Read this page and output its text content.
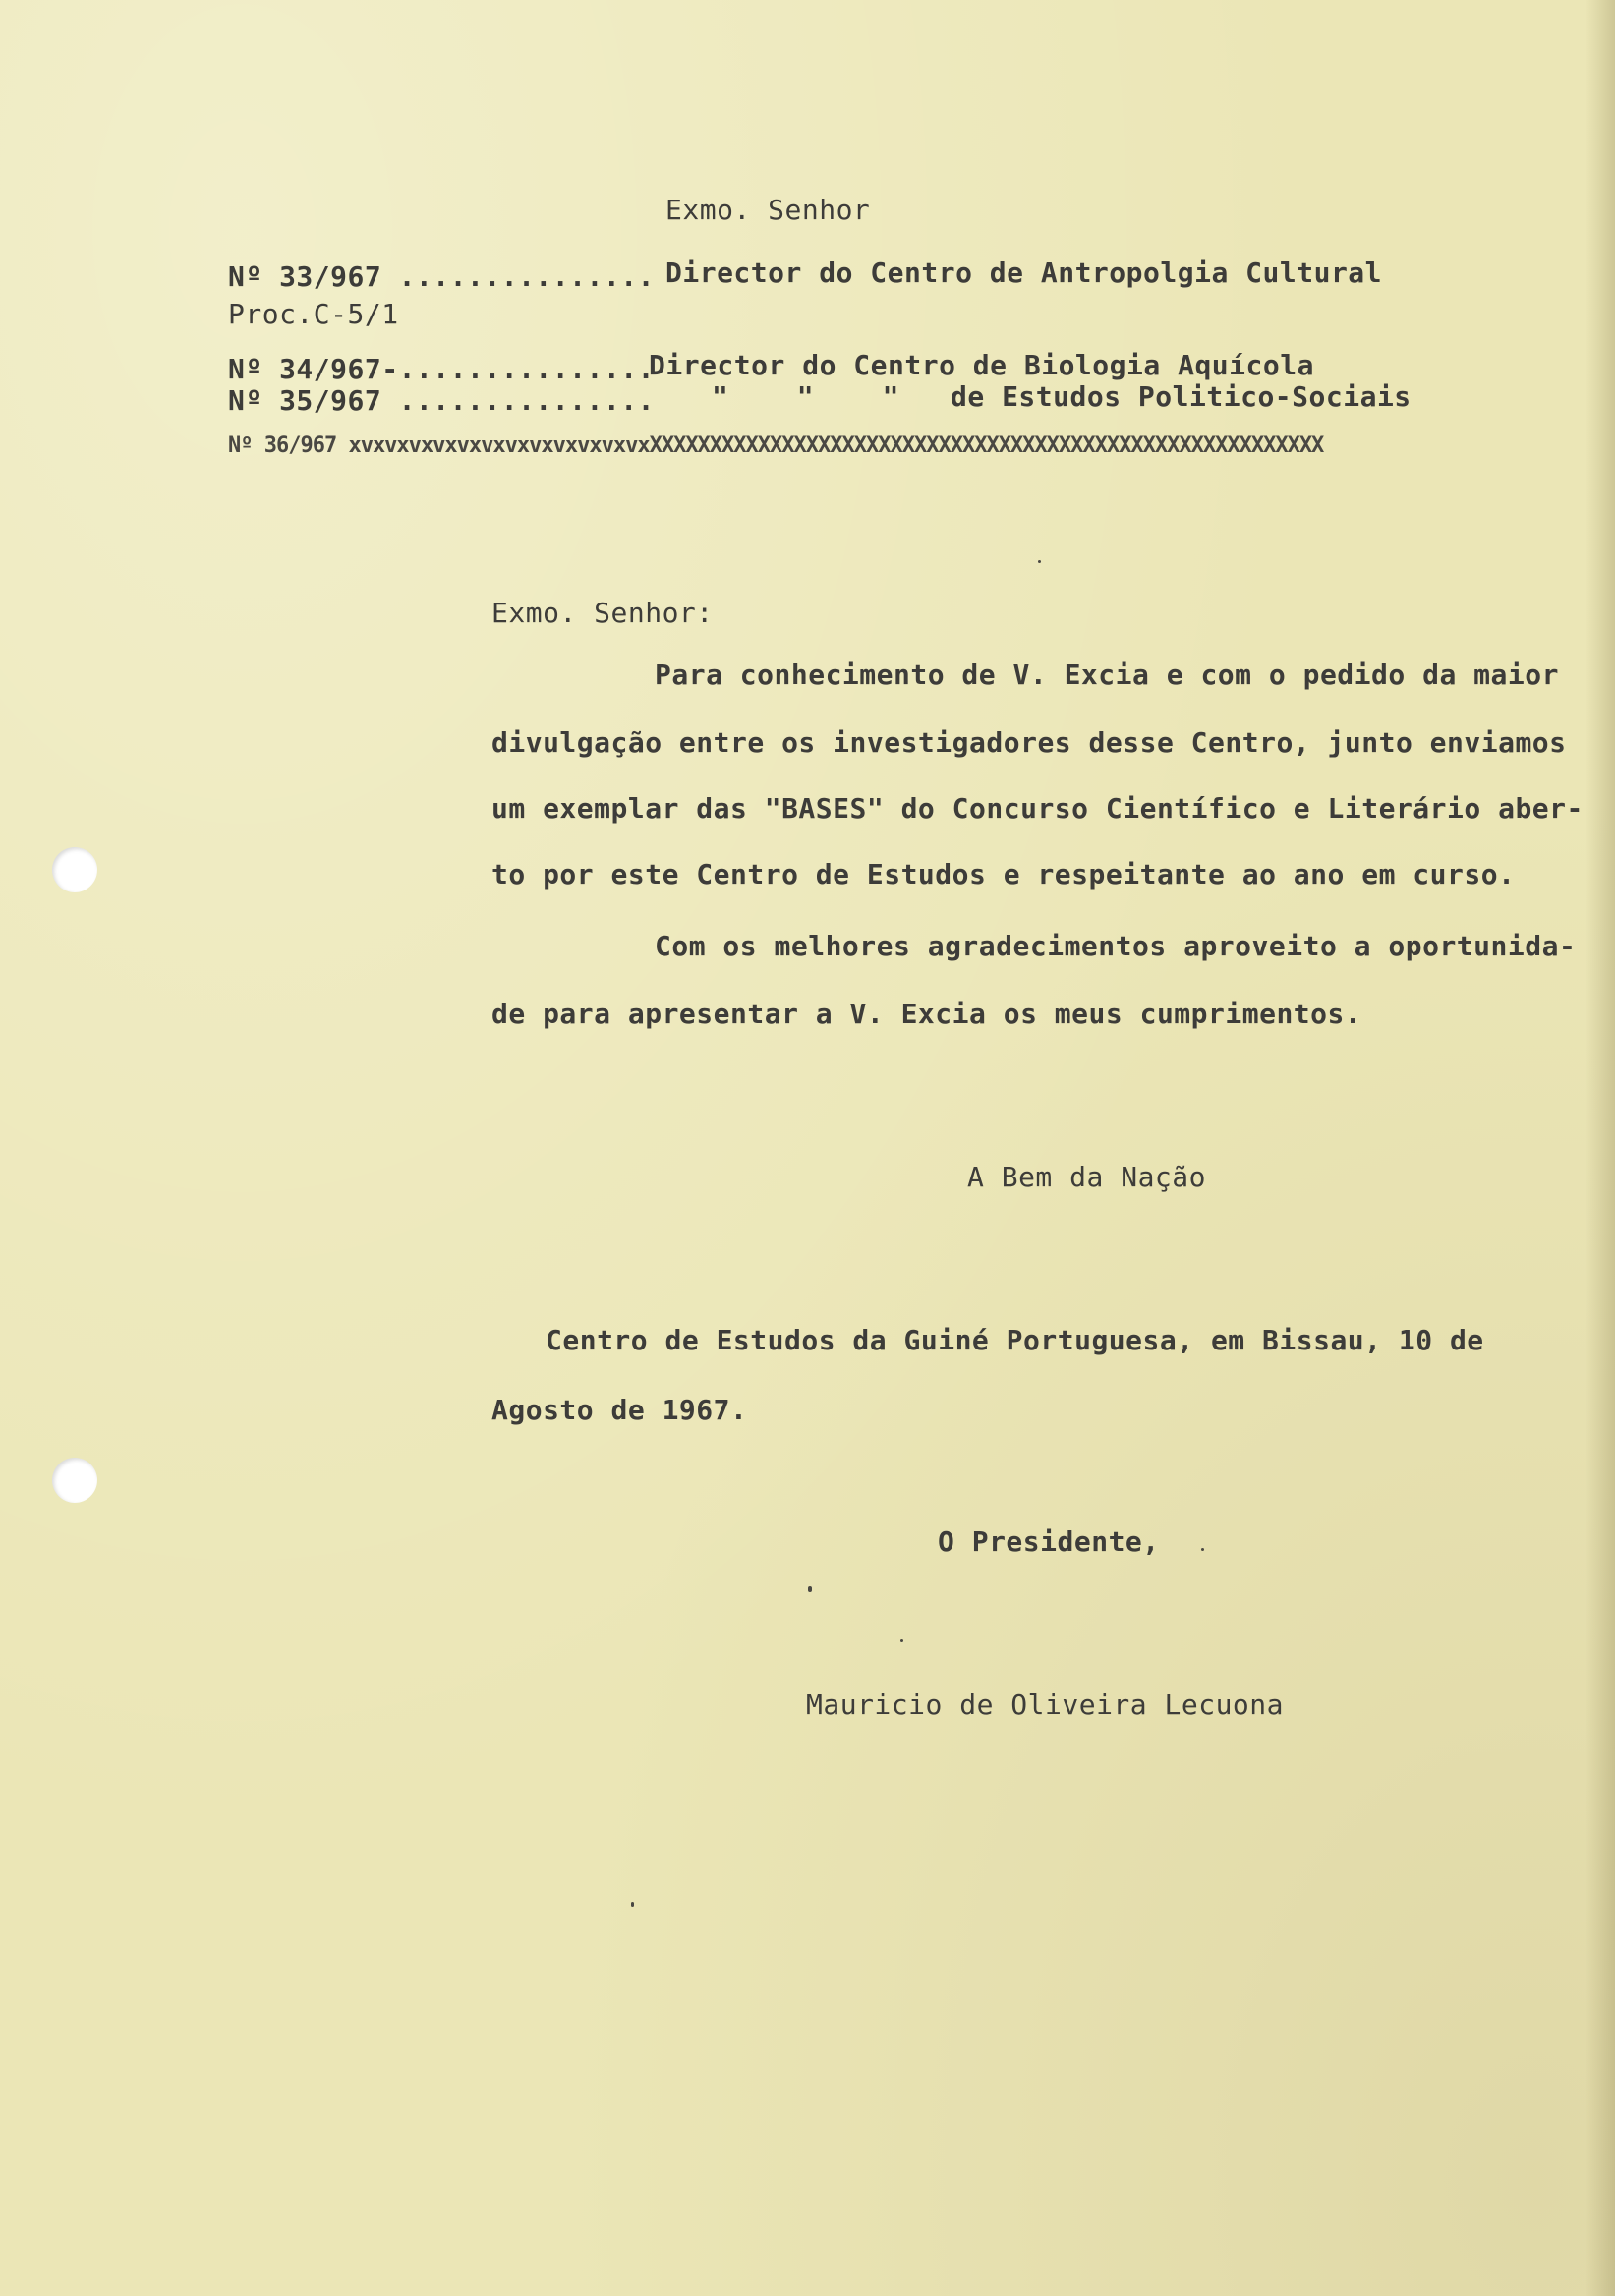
Exmo. Senhor
Nº 33/967 ............... Director do Centro de Antropolgia Cultural
Proc.C-5/1
Nº 34/967-...............
Director do Centro de Biologia Aquícola
Nº 35/967 ............... "    "    "   de Estudos Politico-Sociais
Nº 36/967 xvxvxvxvxvxvxvxvxvxvxvxvxXXXXXXXXXXXXXXXXXXXXXXXXXXXXXXXXXXXXXXXXXXXXXXXXXXXXXXXX
Exmo. Senhor:
Para conhecimento de V. Excia e com o pedido da maior
divulgação entre os investigadores desse Centro, junto enviamos
um exemplar das "BASES" do Concurso Científico e Literário aber-
to por este Centro de Estudos e respeitante ao ano em curso.
Com os melhores agradecimentos aproveito a oportunida-
de para apresentar a V. Excia os meus cumprimentos.
A Bem da Nação
Centro de Estudos da Guiné Portuguesa, em Bissau, 10 de
Agosto de 1967.
O Presidente,
Mauricio de Oliveira Lecuona
